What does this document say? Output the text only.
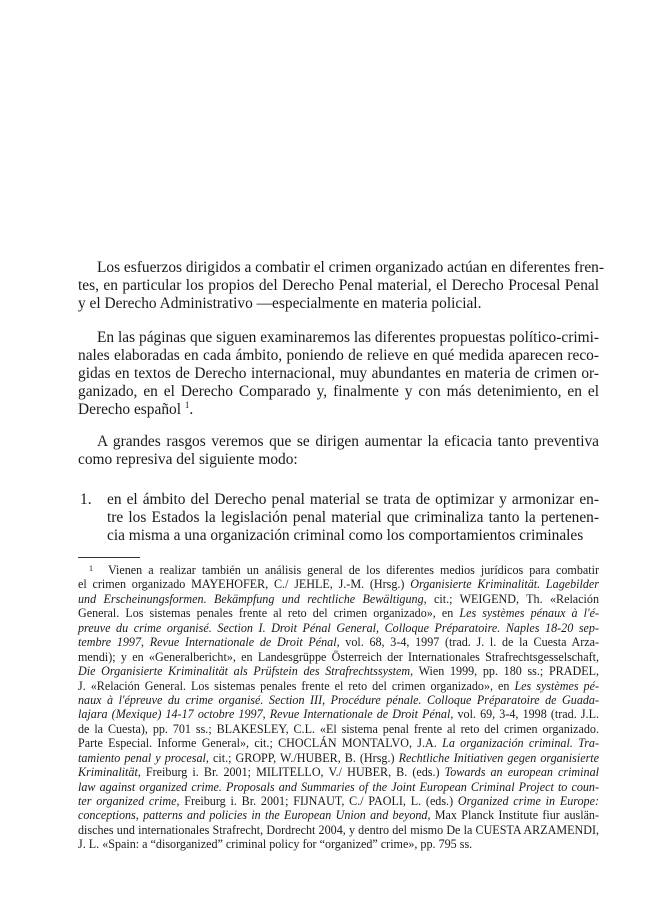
Los esfuerzos dirigidos a combatir el crimen organizado actúan en diferentes fren-
tes, en particular los propios del Derecho Penal material, el Derecho Procesal Penal
y el Derecho Administrativo —especialmente en materia policial.
En las páginas que siguen examinaremos las diferentes propuestas político-crimi-
nales elaboradas en cada ámbito, poniendo de relieve en qué medida aparecen reco-
gidas en textos de Derecho internacional, muy abundantes en materia de crimen or-
ganizado, en el Derecho Comparado y, finalmente y con más detenimiento, en el
Derecho español $^1$.
A grandes rasgos veremos que se dirigen aumentar la eficacia tanto preventiva
como represiva del siguiente modo:
1.	en el ámbito del Derecho penal material se trata de optimizar y armonizar en-
tre los Estados la legislación penal material que criminaliza tanto la pertenen-
cia misma a una organización criminal como los comportamientos criminales
1 Vienen a realizar también un análisis general de los diferentes medios jurídicos para combatir
el crimen organizado MAYEHOFER, C./ JEHLE, J.-M. (Hrsg.) Organisierte Kriminalität. Lagebilder
und Erscheinungsformen. Bekämpfung und rechtliche Bewältigung, cit.; WEIGEND, Th. «Relación
General. Los sistemas penales frente al reto del crimen organizado», en Les systèmes pénaux à l'é-
preuve du crime organisé. Section I. Droit Pénal General, Colloque Préparatoire. Naples 18-20 sep-
tembre 1997, Revue Internationale de Droit Pénal, vol. 68, 3-4, 1997 (trad. J. l. de la Cuesta Arza-
mendi); y en «Generalbericht», en Landesgrüppe Österreich der Internationales Strafrechtsgesselschaft,
Die Organisierte Kriminalität als Prüfstein des Strafrechtssystem, Wien 1999, pp. 180 ss.; PRADEL,
J. «Relación General. Los sistemas penales frente el reto del crimen organizado», en Les systèmes pé-
naux à l'épreuve du crime organisé. Section III, Procédure pénale. Colloque Préparatoire de Guada-
lajara (Mexique) 14-17 octobre 1997, Revue Internationale de Droit Pénal, vol. 69, 3-4, 1998 (trad. J.L.
de la Cuesta), pp. 701 ss.; BLAKESLEY, C.L. «El sistema penal frente al reto del crimen organizado.
Parte Especial. Informe General», cit.; CHOCLÁN MONTALVO, J.A. La organización criminal. Tra-
tamiento penal y procesal, cit.; GROPP, W./HUBER, B. (Hrsg.) Rechtliche Initiativen gegen organisierte
Kriminalität, Freiburg i. Br. 2001; MILITELLO, V./ HUBER, B. (eds.) Towards an european criminal
law against organized crime. Proposals and Summaries of the Joint European Criminal Project to coun-
ter organized crime, Freiburg i. Br. 2001; FIJNAUT, C./ PAOLI, L. (eds.) Organized crime in Europe:
conceptions, patterns and policies in the European Union and beyond, Max Planck Institute fiur auslän-
disches und internationales Strafrecht, Dordrecht 2004, y dentro del mismo De la CUESTA ARZAMENDI,
J. L. «Spain: a “disorganized” criminal policy for “organized” crime», pp. 795 ss.
